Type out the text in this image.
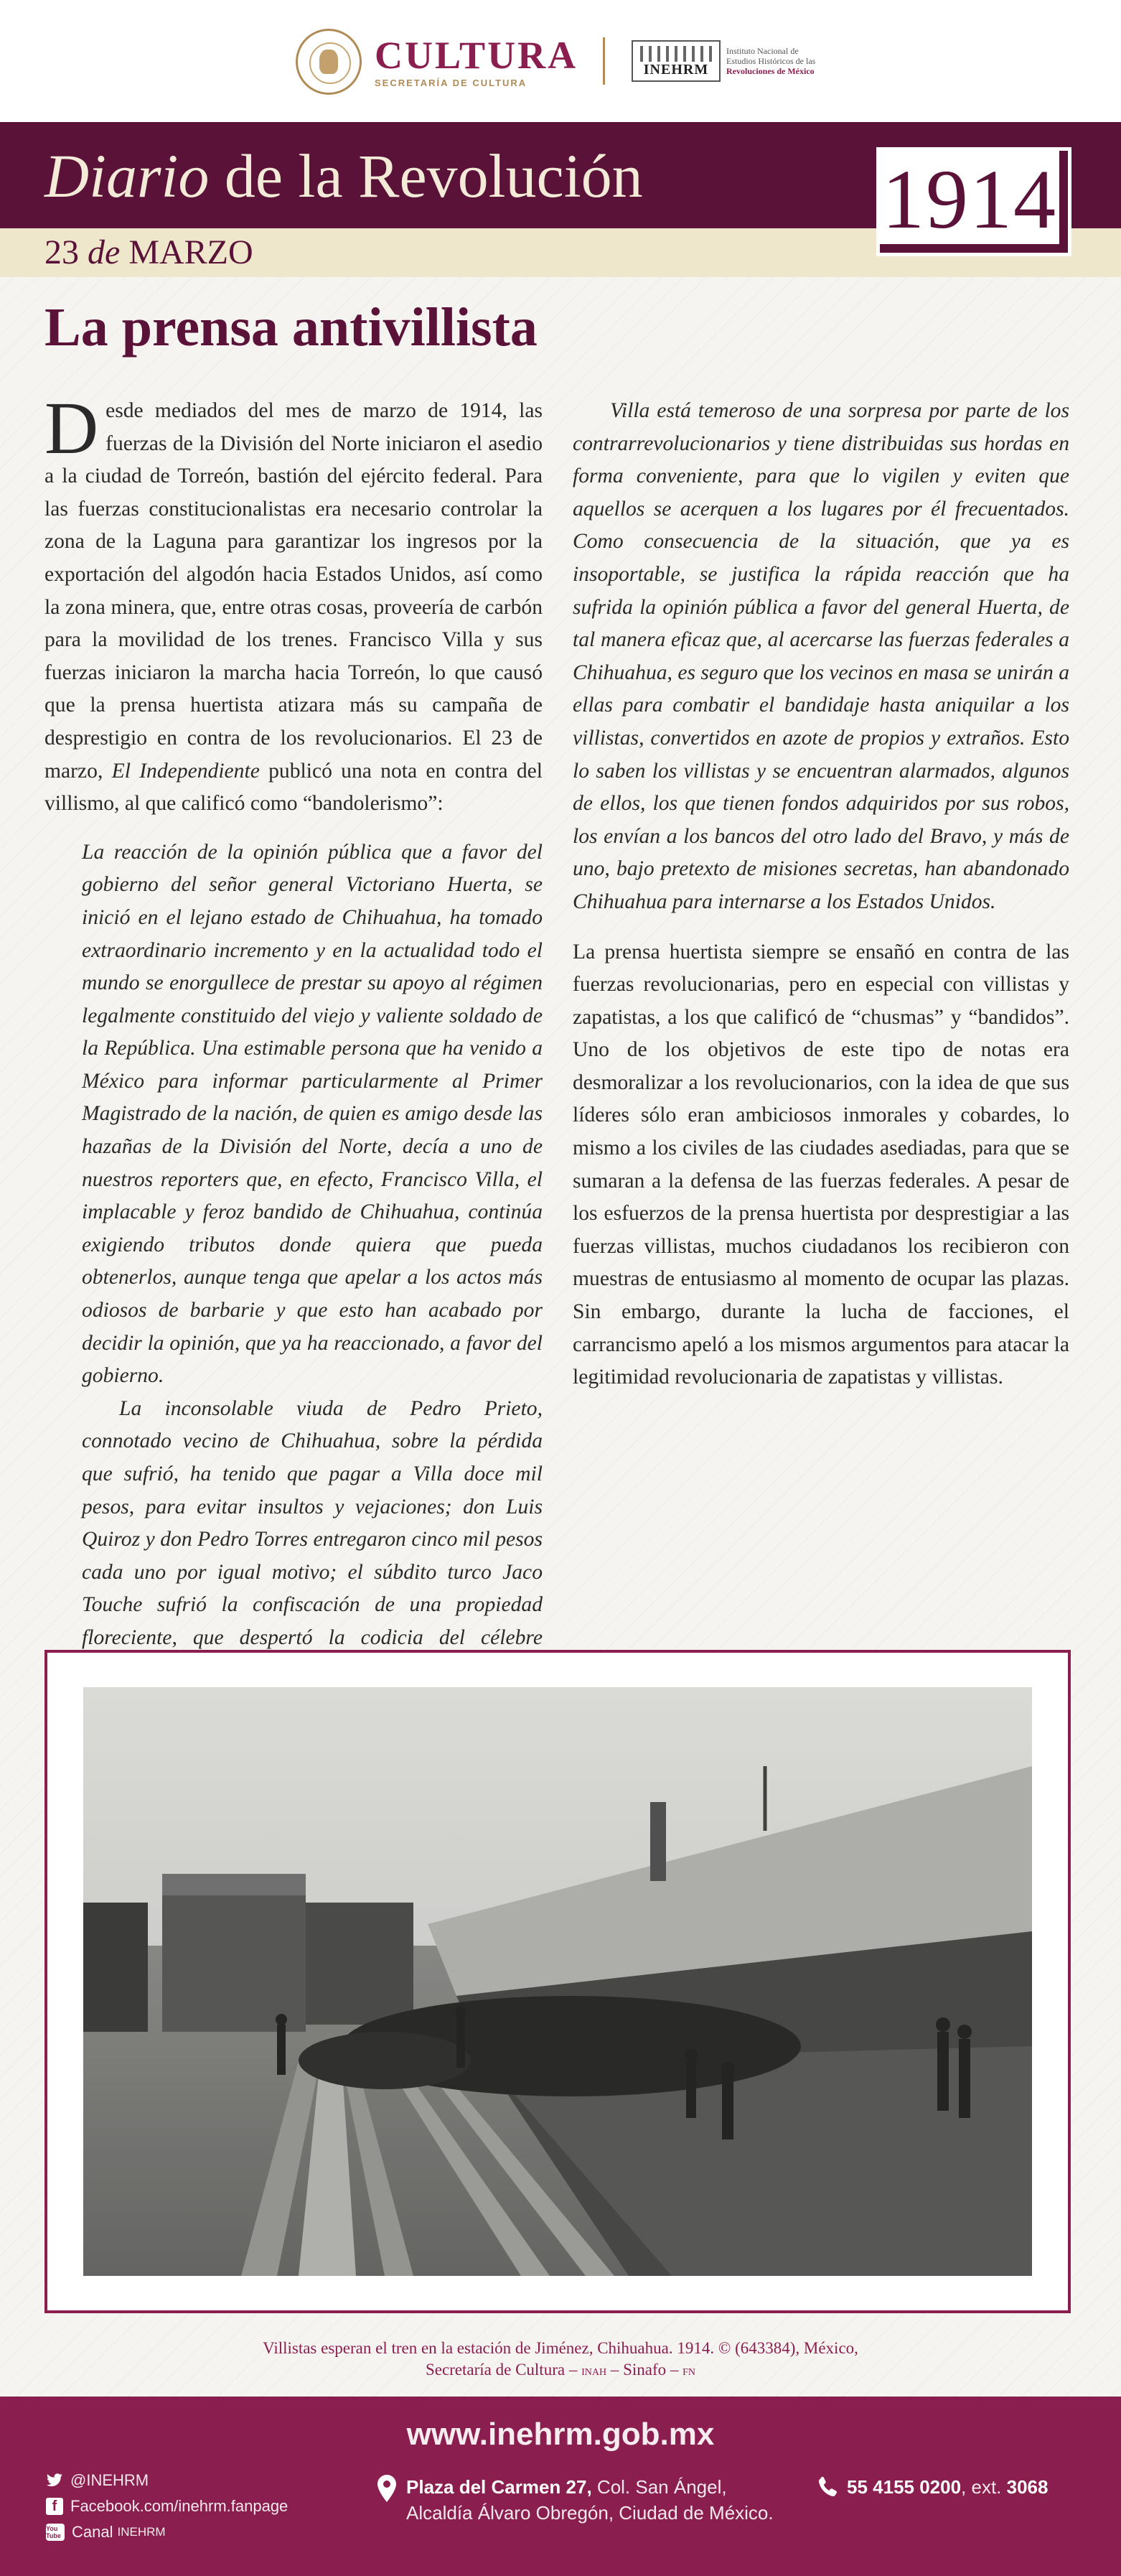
CULTURA
SECRETARÍA DE CULTURA
INEHRM
Instituto Nacional de
Estudios Históricos de las
Revoluciones de México
Diario de la Revolución
23 de MARZO
1914
La prensa antivillista

Desde mediados del mes de marzo de 1914, las fuerzas de la División del Norte iniciaron el asedio a la ciudad de Torreón, bastión del ejército federal. Para las fuerzas constitucionalistas era necesario controlar la zona de la Laguna para garantizar los ingresos por la exportación del algodón hacia Estados Unidos, así como la zona minera, que, entre otras cosas, proveería de carbón para la movilidad de los trenes. Francisco Villa y sus fuerzas iniciaron la marcha hacia Torreón, lo que causó que la prensa huertista atizara más su campaña de desprestigio en contra de los revolucionarios. El 23 de marzo, El Independiente publicó una nota en contra del villismo, al que calificó como “bandolerismo”:

La reacción de la opinión pública que a favor del gobierno del señor general Victoriano Huerta, se inició en el lejano estado de Chihuahua, ha tomado extraordinario incremento y en la actualidad todo el mundo se enorgullece de prestar su apoyo al régimen legalmente constituido del viejo y valiente soldado de la República. Una estimable persona que ha venido a México para informar particularmente al Primer Magistrado de la nación, de quien es amigo desde las hazañas de la División del Norte, decía a uno de nuestros reporters que, en efecto, Francisco Villa, el implacable y feroz bandido de Chihuahua, continúa exigiendo tributos donde quiera que pueda obtenerlos, aunque tenga que apelar a los actos más odiosos de barbarie y que esto han acabado por decidir la opinión, que ya ha reaccionado, a favor del gobierno.

La inconsolable viuda de Pedro Prieto, connotado vecino de Chihuahua, sobre la pérdida que sufrió, ha tenido que pagar a Villa doce mil pesos, para evitar insultos y vejaciones; don Luis Quiroz y don Pedro Torres entregaron cinco mil pesos cada uno por igual motivo; el súbdito turco Jaco Touche sufrió la confiscación de una propiedad floreciente, que despertó la codicia del célebre

Villa está temeroso de una sorpresa por parte de los contrarrevolucionarios y tiene distribuidas sus hordas en forma conveniente, para que lo vigilen y eviten que aquellos se acerquen a los lugares por él frecuentados. Como consecuencia de la situación, que ya es insoportable, se justifica la rápida reacción que ha sufrida la opinión pública a favor del general Huerta, de tal manera eficaz que, al acercarse las fuerzas federales a Chihuahua, es seguro que los vecinos en masa se unirán a ellas para combatir el bandidaje hasta aniquilar a los villistas, convertidos en azote de propios y extraños. Esto lo saben los villistas y se encuentran alarmados, algunos de ellos, los que tienen fondos adquiridos por sus robos, los envían a los bancos del otro lado del Bravo, y más de uno, bajo pretexto de misiones secretas, han abandonado Chihuahua para internarse a los Estados Unidos.

La prensa huertista siempre se ensañó en contra de las fuerzas revolucionarias, pero en especial con villistas y zapatistas, a los que calificó de “chusmas” y “bandidos”. Uno de los objetivos de este tipo de notas era desmoralizar a los revolucionarios, con la idea de que sus líderes sólo eran ambiciosos inmorales y cobardes, lo mismo a los civiles de las ciudades asediadas, para que se sumaran a la defensa de las fuerzas federales. A pesar de los esfuerzos de la prensa huertista por desprestigiar a las fuerzas villistas, muchos ciudadanos los recibieron con muestras de entusiasmo al momento de ocupar las plazas. Sin embargo, durante la lucha de facciones, el carrancismo apeló a los mismos argumentos para atacar la legitimidad revolucionaria de zapatistas y villistas.

Villistas esperan el tren en la estación de Jiménez, Chihuahua. 1914. © (643384), México,
Secretaría de Cultura – inah – Sinafo – fn
www.inehrm.gob.mx
@INEHRM
f Facebook.com/inehrm.fanpage
You Tube Canal INEHRM
Plaza del Carmen 27, Col. San Ángel,
Alcaldía Álvaro Obregón, Ciudad de México.
55 4155 0200, ext. 3068
